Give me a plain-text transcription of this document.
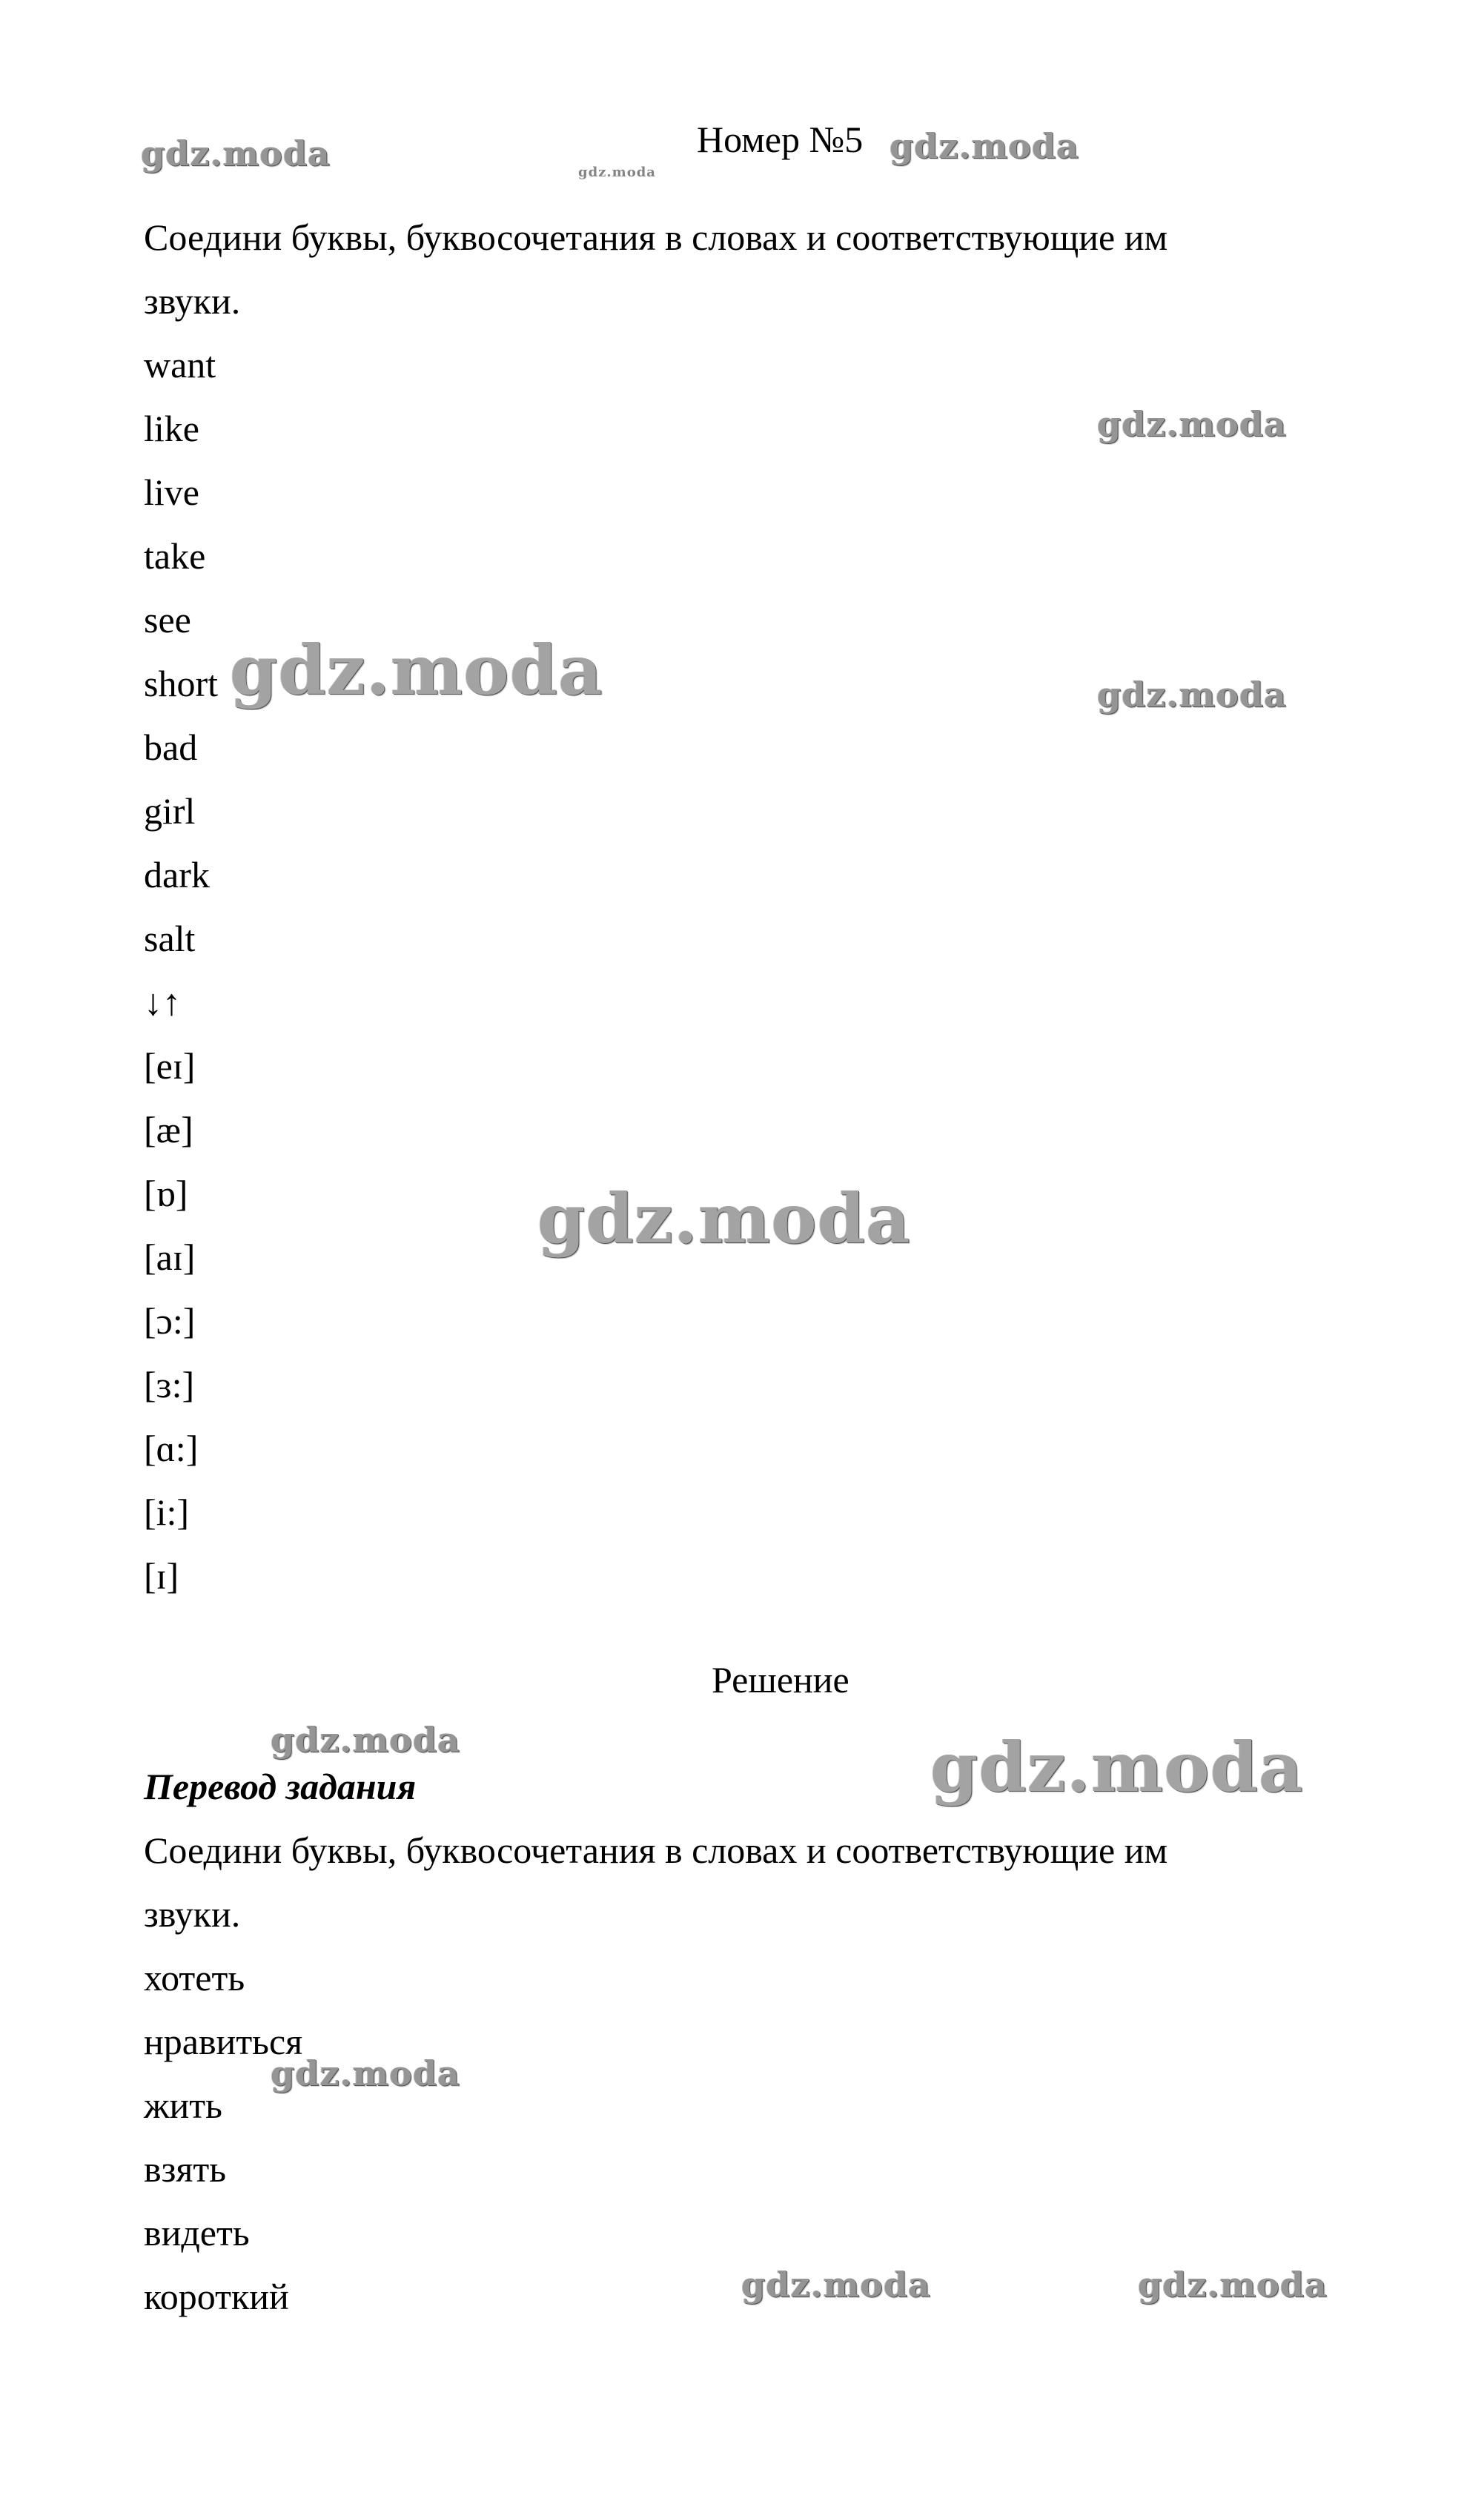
Номер №5
Соедини буквы, буквосочетания в словах и соответствующие им
звуки.
want
like
live
take
see
short
bad
girl
dark
salt
↓↑
[eɪ]
[æ]
[ɒ]
[aɪ]
[ɔ:]
[ɜ:]
[ɑ:]
[i:]
[ɪ]
Решение
Перевод задания
Соедини буквы, буквосочетания в словах и соответствующие им
звуки.
хотеть
нравиться
жить
взять
видеть
короткий
gdz.moda	gdz.moda
gdz.moda
gdz.moda
gdz.moda	gdz.moda
gdz.moda
gdz.moda	gdz.moda
gdz.moda
gdz.moda	gdz.moda
